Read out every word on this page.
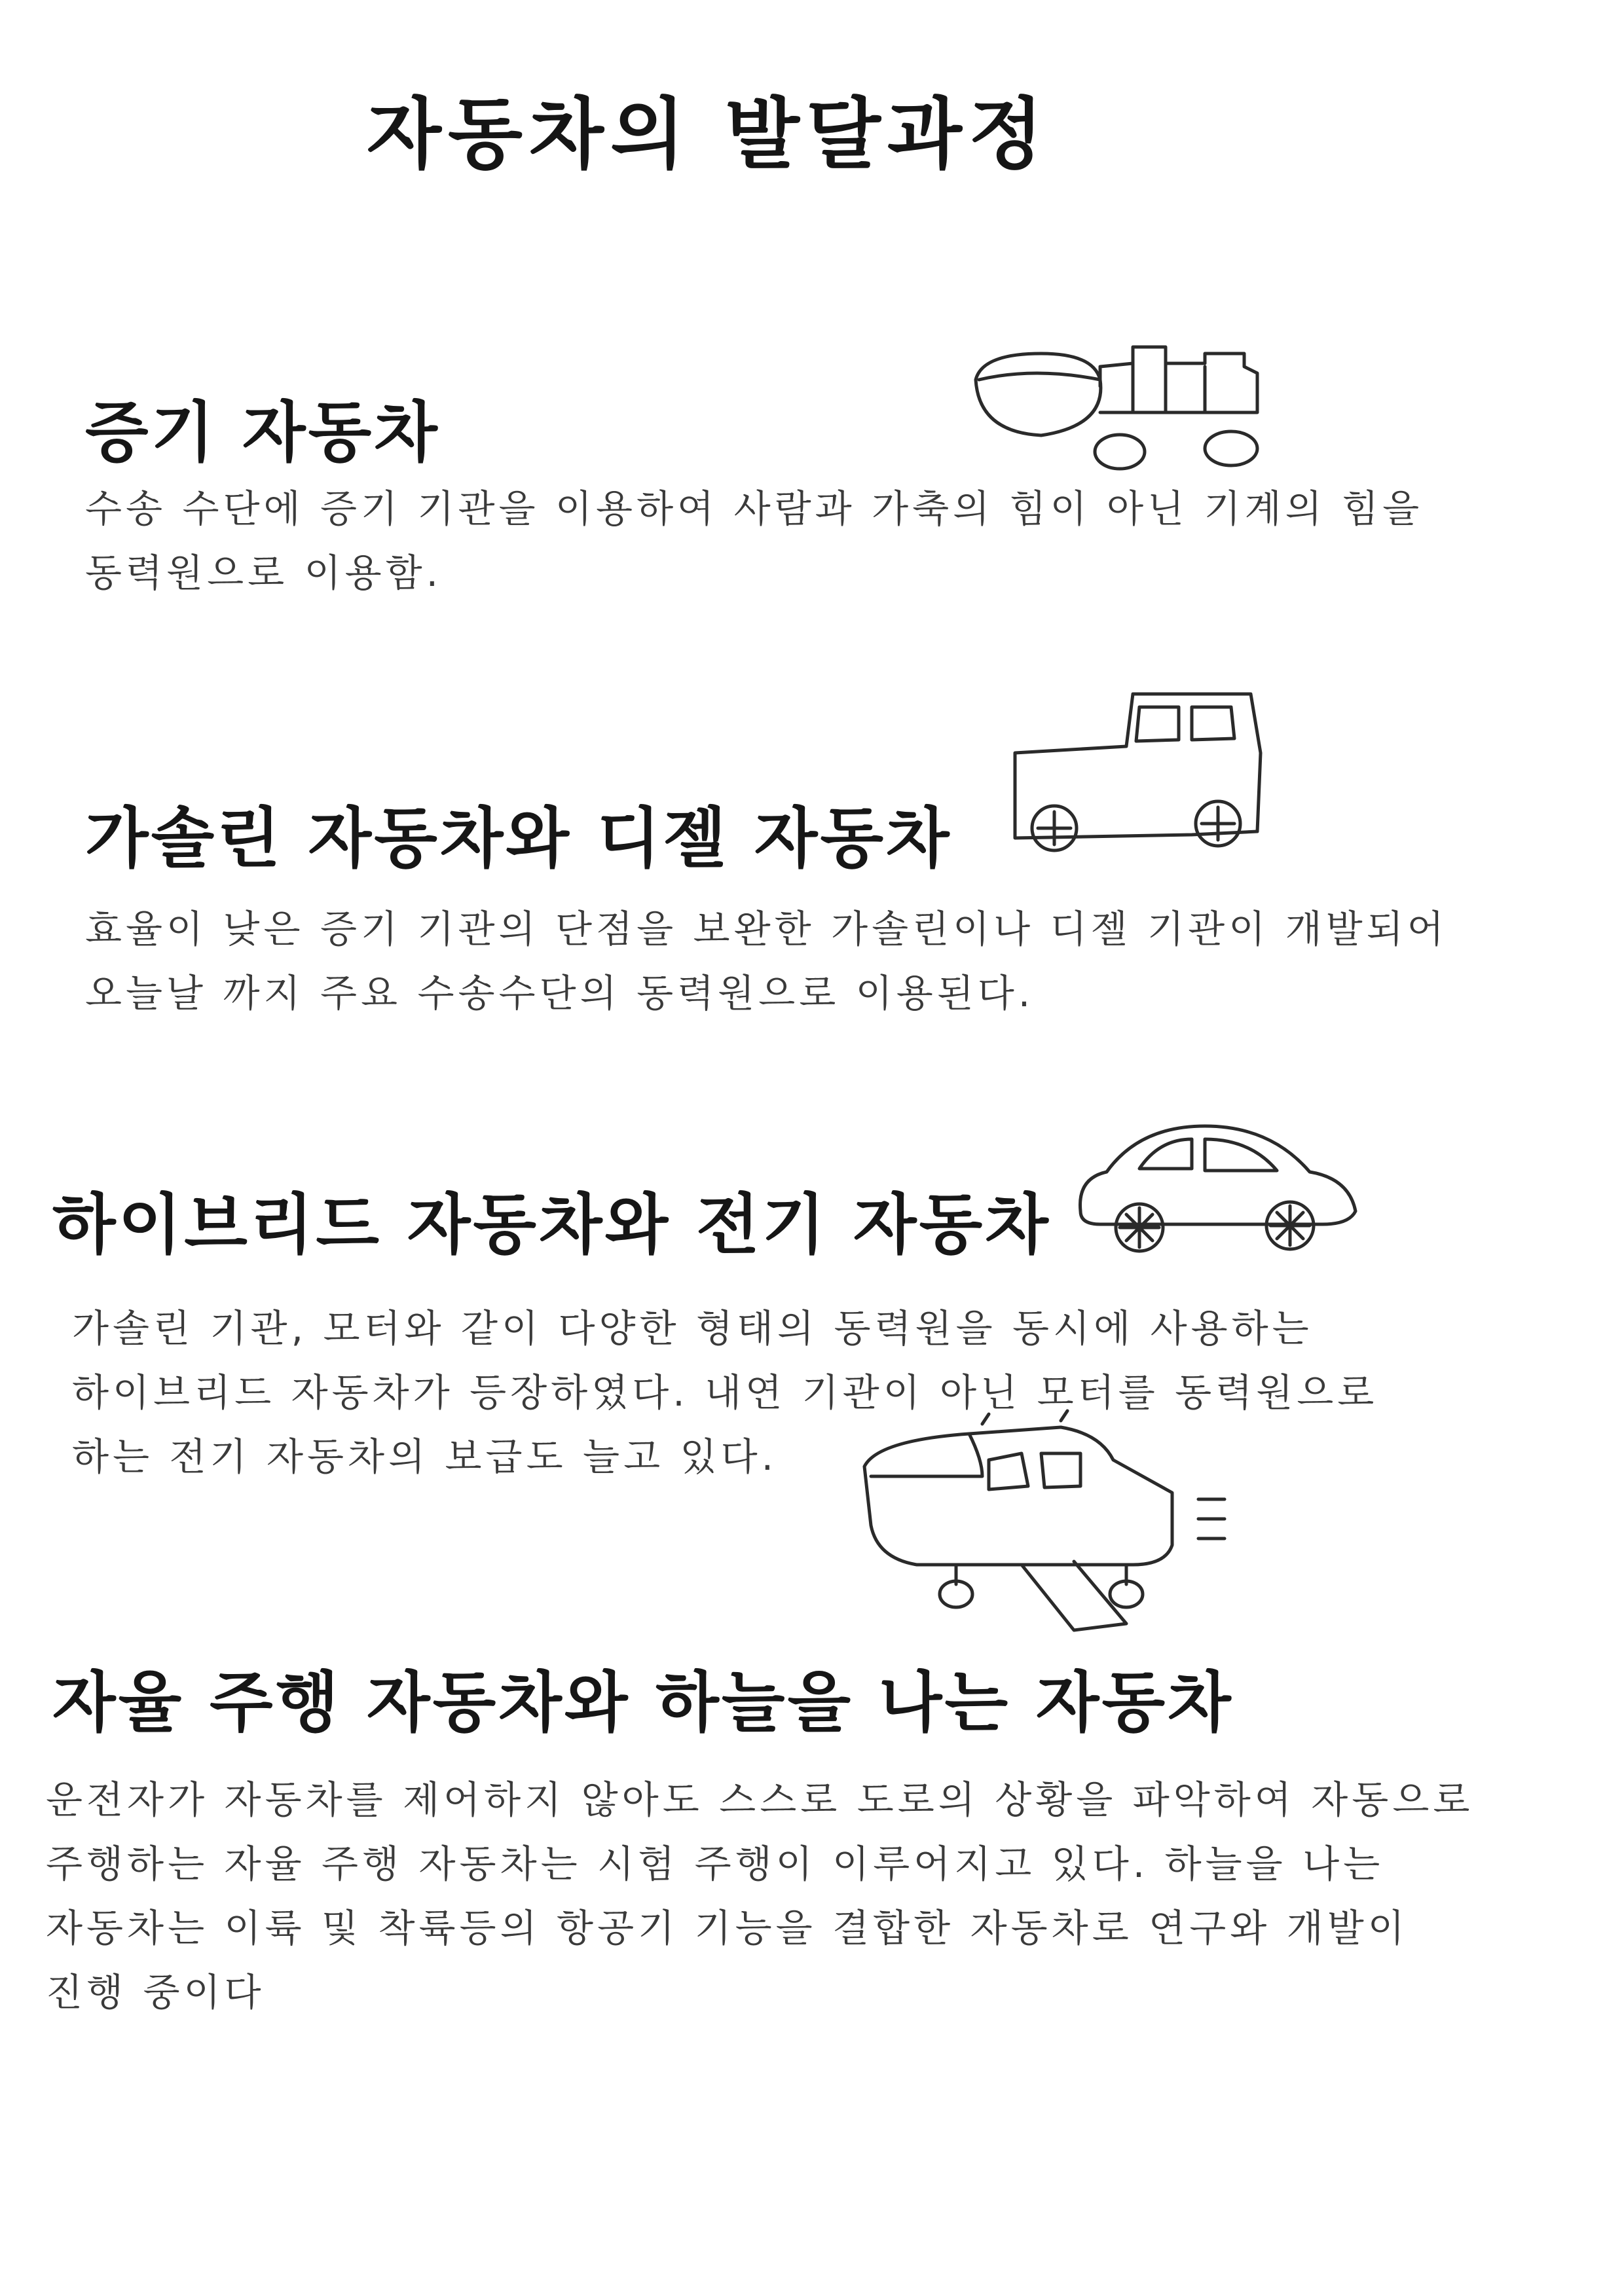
자동차의 발달과정
증기 자동차

수송 수단에 증기 기관을 이용하여 사람과 가축의 힘이 아닌 기계의 힘을

동력원으로 이용함.

가솔린 자동차와 디젤 자동차

효율이 낮은 증기 기관의 단점을 보완한 가솔린이나 디젤 기관이 개발되어

오늘날 까지 주요 수송수단의 동력원으로 이용된다.

하이브리드 자동차와 전기 자동차

가솔린 기관, 모터와 같이 다양한 형태의 동력원을 동시에 사용하는

하이브리드 자동차가 등장하였다. 내연 기관이 아닌 모터를 동력원으로

하는 전기 자동차의 보급도 늘고 있다.

자율 주행 자동차와 하늘을 나는 자동차

운전자가 자동차를 제어하지 않아도 스스로 도로의 상황을 파악하여 자동으로

주행하는 자율 주행 자동차는 시험 주행이 이루어지고 있다. 하늘을 나는

자동차는 이륙 및 착륙등의 항공기 기능을 결합한 자동차로 연구와 개발이

진행 중이다
